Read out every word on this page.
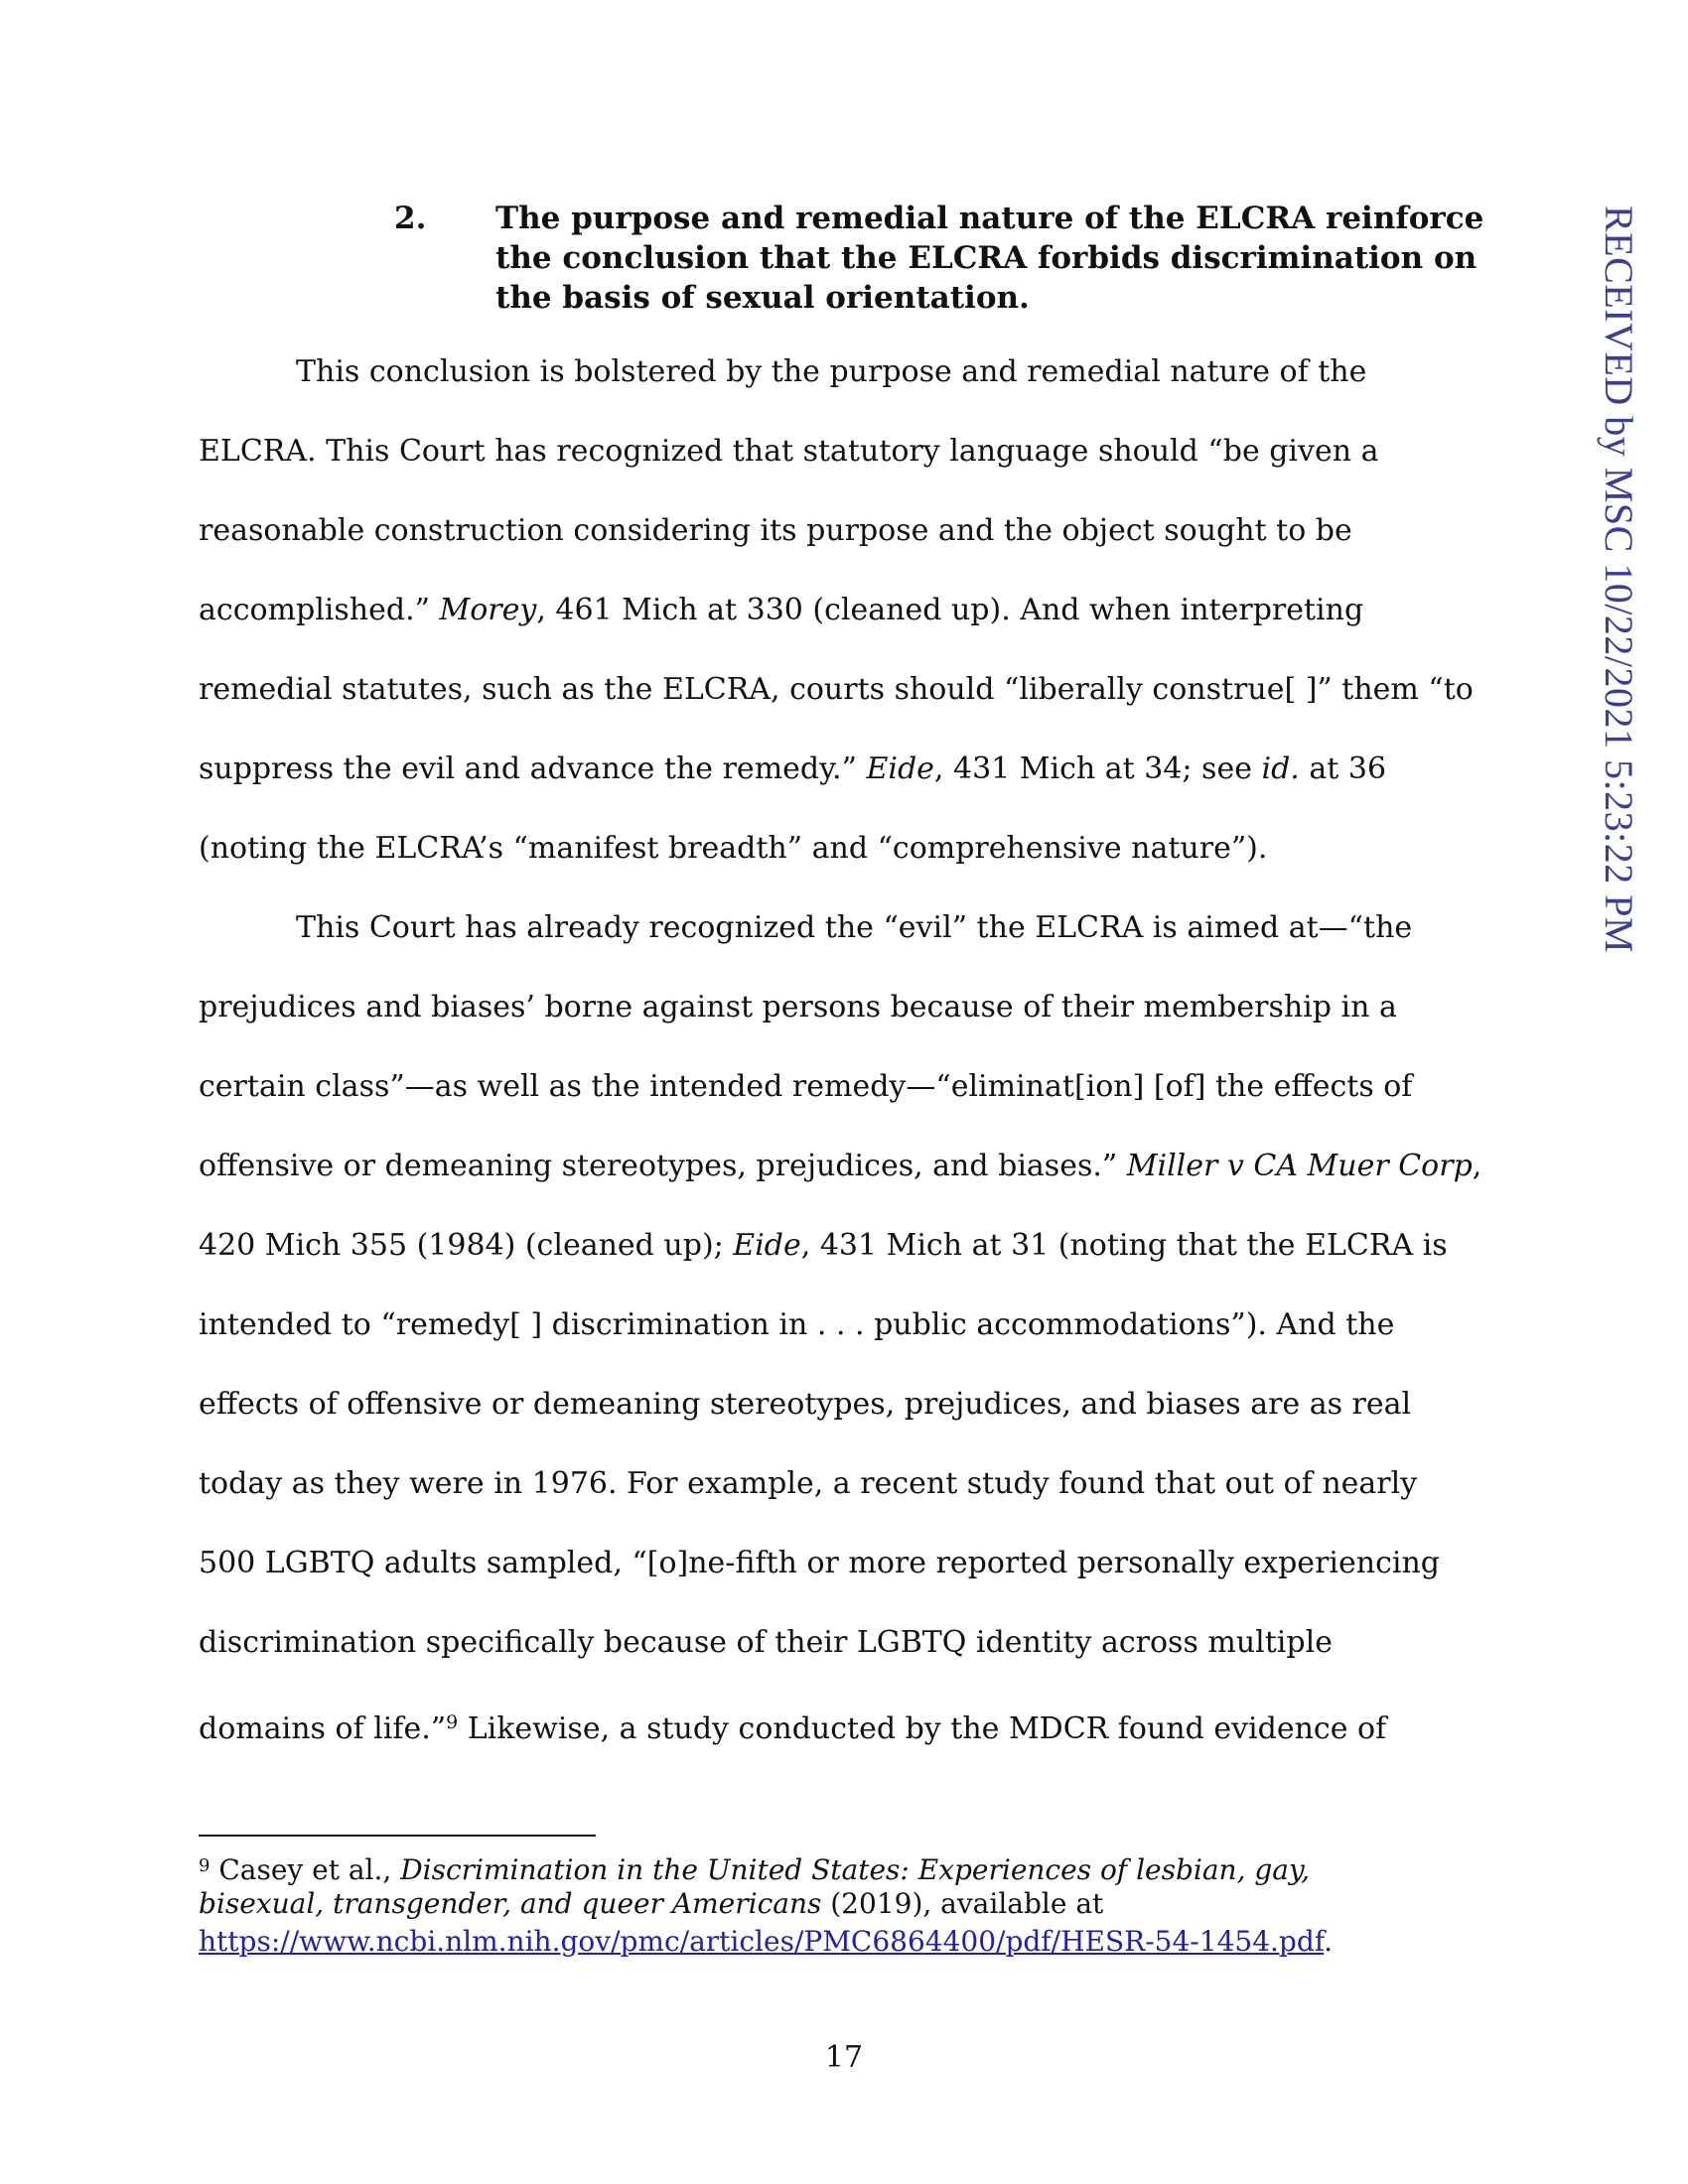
RECEIVED by MSC 10/22/2021 5:23:22 PM
2. The purpose and remedial nature of the ELCRA reinforce
the conclusion that the ELCRA forbids discrimination on
the basis of sexual orientation.
This conclusion is bolstered by the purpose and remedial nature of the
ELCRA. This Court has recognized that statutory language should “be given a
reasonable construction considering its purpose and the object sought to be
accomplished.” Morey, 461 Mich at 330 (cleaned up). And when interpreting
remedial statutes, such as the ELCRA, courts should “liberally construe[ ]” them “to
suppress the evil and advance the remedy.” Eide, 431 Mich at 34; see id. at 36
(noting the ELCRA’s “manifest breadth” and “comprehensive nature”).
This Court has already recognized the “evil” the ELCRA is aimed at—“the
prejudices and biases’ borne against persons because of their membership in a
certain class”—as well as the intended remedy—“eliminat[ion] [of] the effects of
offensive or demeaning stereotypes, prejudices, and biases.” Miller v CA Muer Corp,
420 Mich 355 (1984) (cleaned up); Eide, 431 Mich at 31 (noting that the ELCRA is
intended to “remedy[ ] discrimination in . . . public accommodations”). And the
effects of offensive or demeaning stereotypes, prejudices, and biases are as real
today as they were in 1976. For example, a recent study found that out of nearly
500 LGBTQ adults sampled, “[o]ne-fifth or more reported personally experiencing
discrimination specifically because of their LGBTQ identity across multiple
domains of life.”$^9$ Likewise, a study conducted by the MDCR found evidence of
$^9$ Casey et al., Discrimination in the United States: Experiences of lesbian, gay,
bisexual, transgender, and queer Americans (2019), available at
https://www.ncbi.nlm.nih.gov/pmc/articles/PMC6864400/pdf/HESR-54-1454.pdf.
17
